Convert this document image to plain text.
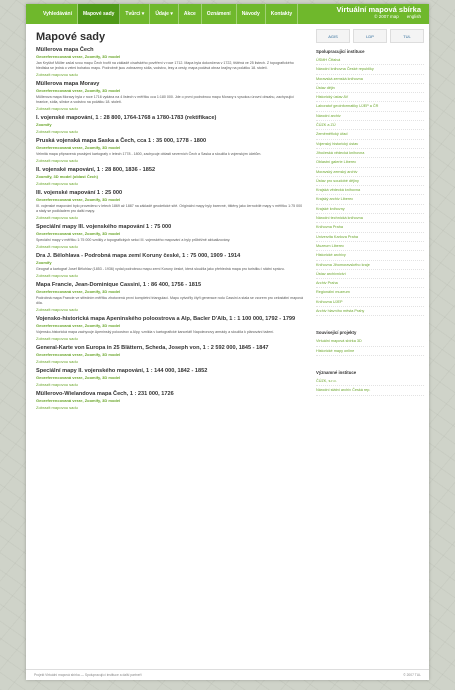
Vyhledávání	Mapové sady	Tvůrci ▾	Údaje ▾	Akce	Oznámení	Návody	Kontakty	Virtuální mapová sbírka
© 2007 map english
Mapové sady
Müllerova mapa Čech
Georeferencovaná verze, Zoomify, 3D model
Jan Kryštof Müller začal svou mapu Čech tvořit na základě císařského pověření v roce 1712. Mapa byla dokončena v 1722, tištěná ve 25 listech. Z topografického hlediska se jedná o velmi bohatou mapu. Podrobně jsou zobrazeny sídla, vodstvo, lesy a cesty, mapa podává obraz krajiny na počátku 18. století.
Zobrazit mapovou sadu
Müllerova mapa Moravy
Georeferencovaná verze, Zoomify, 3D model
Müllerova mapa Moravy byla v roce 1716 vydána na 4 listech v měřítku cca 1:180 000. Jde o první podrobnou mapu Moravy s vysokou úrovní obsahu, zachycující hranice, sídla, silnice a vodstvo na počátku 18. století.
Zobrazit mapovou sadu
I. vojenské mapování, 1 : 28 800, 1764-1768 a 1780-1783 (rektifikace)
Zoomify
Zobrazit mapovou sadu
Pruská vojenská mapa Saska a Čech, cca 1 : 35 000, 1778 - 1800
Georeferencovaná verze, Zoomify, 3D model
Velmitá mapa připravená pruskými kartografy v letech 1778 - 1800, zachycuje oblasti severních Čech a Saska a sloužila k vojenským účelům.
Zobrazit mapovou sadu
II. vojenské mapování, 1 : 28 800, 1836 - 1852
Zoomify, 3D model (oblast Čech)
Zobrazit mapovou sadu
III. vojenské mapování 1 : 25 000
Georeferencovaná verze, Zoomify, 3D model
III. vojenské mapování bylo provedeno v letech 1869 až 1887 na základě geodetické sítě. Originální mapy byly barevné, tištěny jako černobílé mapy v měřítku 1:75 000 a staly se podkladem pro další mapy.
Zobrazit mapovou sadu
Speciální mapy III. vojenského mapování 1 : 75 000
Georeferencovaná verze, Zoomify, 3D model
Speciální mapy v měřítku 1:75 000 vznikly z topografických sekcí III. vojenského mapování a byly průběžně aktualizovány.
Zobrazit mapovou sadu
Dra J. Bělohlava - Podrobná mapa zemí Koruny české, 1 : 75 000, 1909 - 1914
Zoomify
Geograf a kartograf Josef Bělohlav (1853 - 1936) vydal podrobnou mapu zemí Koruny české, která sloužila jako přehledná mapa pro turistiku i státní správu.
Zobrazit mapovou sadu
Mapa Francie, Jean-Dominique Cassini, 1 : 86 400, 1756 - 1815
Georeferencovaná verze, Zoomify, 3D model
Podrobná mapa Francie ve středním měřítku zhotovená první kompletní triangulací. Mapu vytvořily čtyři generace rodu Cassini a stala se vzorem pro celostátní mapová díla.
Zobrazit mapovou sadu
Vojensko-historická mapa Apeninského poloostrova a Alp, Bacler D'Alb, 1 : 1 100 000, 1792 - 1799
Georeferencovaná verze, Zoomify, 3D model
Vojensko-historická mapa zachycuje Apeninský poloostrov a Alpy, vznikla v kartografické kanceláři Napoleonovy armády a sloužila k plánování tažení.
Zobrazit mapovou sadu
General-Karte von Europa in 25 Blättern, Scheda, Joseph von, 1 : 2 592 000, 1845 - 1847
Georeferencovaná verze, Zoomify, 3D model
Zobrazit mapovou sadu
Speciální mapy II. vojenského mapování, 1 : 144 000, 1842 - 1852
Georeferencovaná verze, Zoomify, 3D model
Zobrazit mapovou sadu
Müllerovo-Wielandova mapa Čech, 1 : 231 000, 1726
Georeferencovaná verze, Zoomify, 3D model
Zobrazit mapovou sadu
AGIS	LDP	TUL
Spolupracující instituce
ÚSMH Čtřalvá
Národní knihovna České republiky
Moravská zemská knihovna
Ústav dějin
Historický ústav AV
Laboratoř geoinformatiky UJEP a ČR
Národní archiv
ČÚZK a ZÚ
Zeměměřický úřad
Vojenský historický ústav
Jihočeská vědecká knihovna
Oblastní galerie Liberec
Moravský zemský archiv
Ústav pro soudobé dějiny
Krajská vědecká knihovna
Krajský archiv Liberec
Krajské knihovny
Národní technická knihovna
Knihovna Praha
Univerzita Karlova Praha
Muzeum Liberec
Historické archivy
Knihovna Jihomoravského kraje
Ústav archivnictví
Archiv Praha
Regionální muzeum
Knihovna UJEP
Archiv hlavního města Prahy
Související projekty
Virtuální mapová sbírka 3D
Historické mapy online
Významné instituce
ČÚZK, s.r.o.
Národní státní archiv Česká rep.
Projekt Virtuální mapová sbírka — Spolupracující instituce a další partneři	© 2007 TUL
